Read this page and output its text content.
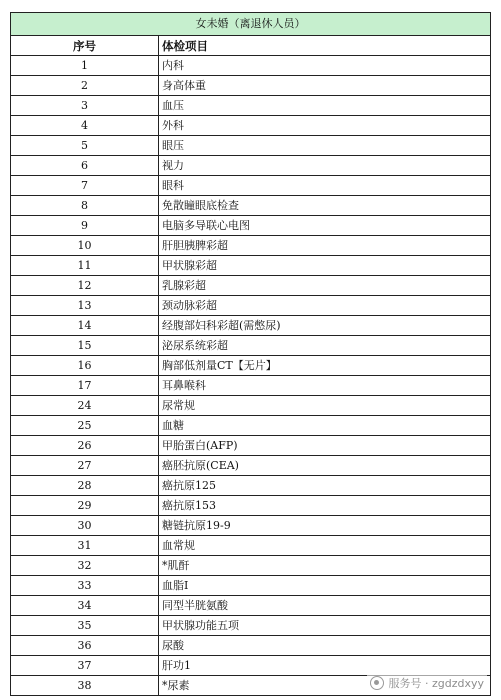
女未婚（离退休人员）	
序号	体检项目
1	内科
2	身高体重
3	血压
4	外科
5	眼压
6	视力
7	眼科
8	免散瞳眼底检查
9	电脑多导联心电图
10	肝胆胰脾彩超
11	甲状腺彩超
12	乳腺彩超
13	颈动脉彩超
14	经腹部妇科彩超(需憋尿)
15	泌尿系统彩超
16	胸部低剂量CT【无片】
17	耳鼻喉科
24	尿常规
25	血糖
26	甲胎蛋白(AFP)
27	癌胚抗原(CEA)
28	癌抗原125
29	癌抗原153
30	糖链抗原19-9
31	血常规
32	*肌酐
33	血脂I
34	同型半胱氨酸
35	甲状腺功能五项
36	尿酸
37	肝功1
38	*尿素	服务号 · zgdzdxyy
